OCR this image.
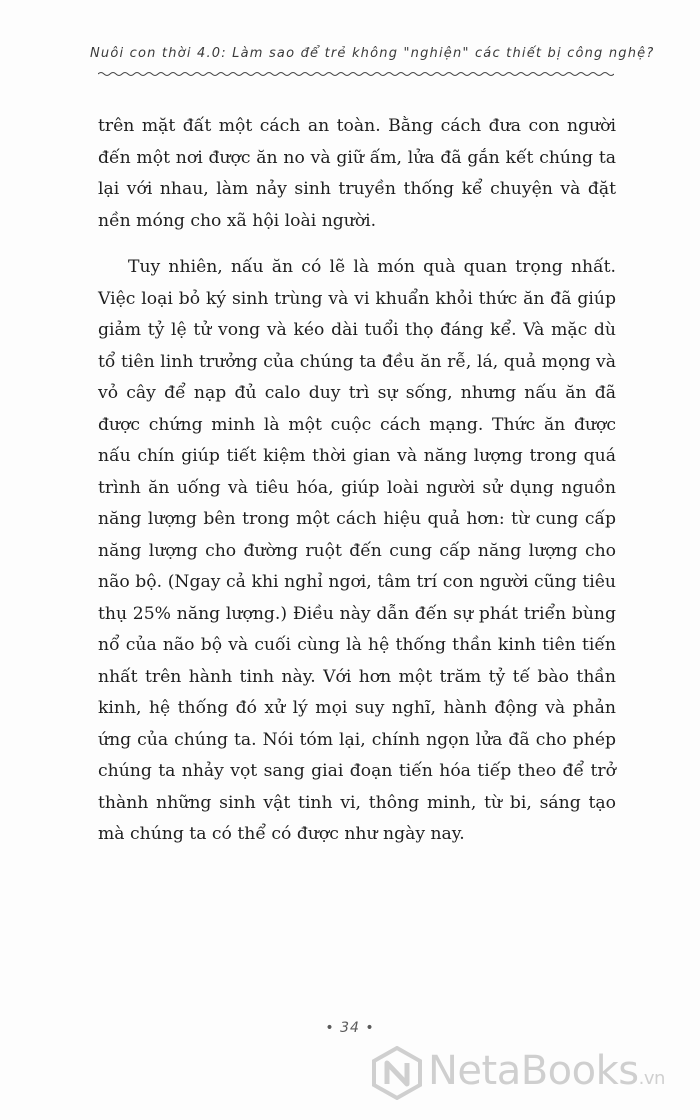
Nuôi con thời 4.0: Làm sao để trẻ không "nghiện" các thiết bị công nghệ?

trên mặt đất một cách an toàn. Bằng cách đưa con người đến một nơi được ăn no và giữ ấm, lửa đã gắn kết chúng ta lại với nhau, làm nảy sinh truyền thống kể chuyện và đặt nền móng cho xã hội loài người.

Tuy nhiên, nấu ăn có lẽ là món quà quan trọng nhất. Việc loại bỏ ký sinh trùng và vi khuẩn khỏi thức ăn đã giúp giảm tỷ lệ tử vong và kéo dài tuổi thọ đáng kể. Và mặc dù tổ tiên linh trưởng của chúng ta đều ăn rễ, lá, quả mọng và vỏ cây để nạp đủ calo duy trì sự sống, nhưng nấu ăn đã được chứng minh là một cuộc cách mạng. Thức ăn được nấu chín giúp tiết kiệm thời gian và năng lượng trong quá trình ăn uống và tiêu hóa, giúp loài người sử dụng nguồn năng lượng bên trong một cách hiệu quả hơn: từ cung cấp năng lượng cho đường ruột đến cung cấp năng lượng cho não bộ. (Ngay cả khi nghỉ ngơi, tâm trí con người cũng tiêu thụ 25% năng lượng.) Điều này dẫn đến sự phát triển bùng nổ của não bộ và cuối cùng là hệ thống thần kinh tiên tiến nhất trên hành tinh này. Với hơn một trăm tỷ tế bào thần kinh, hệ thống đó xử lý mọi suy nghĩ, hành động và phản ứng của chúng ta. Nói tóm lại, chính ngọn lửa đã cho phép chúng ta nhảy vọt sang giai đoạn tiến hóa tiếp theo để trở thành những sinh vật tinh vi, thông minh, từ bi, sáng tạo mà chúng ta có thể có được như ngày nay.

• 34 •
NetaBooks.vn
